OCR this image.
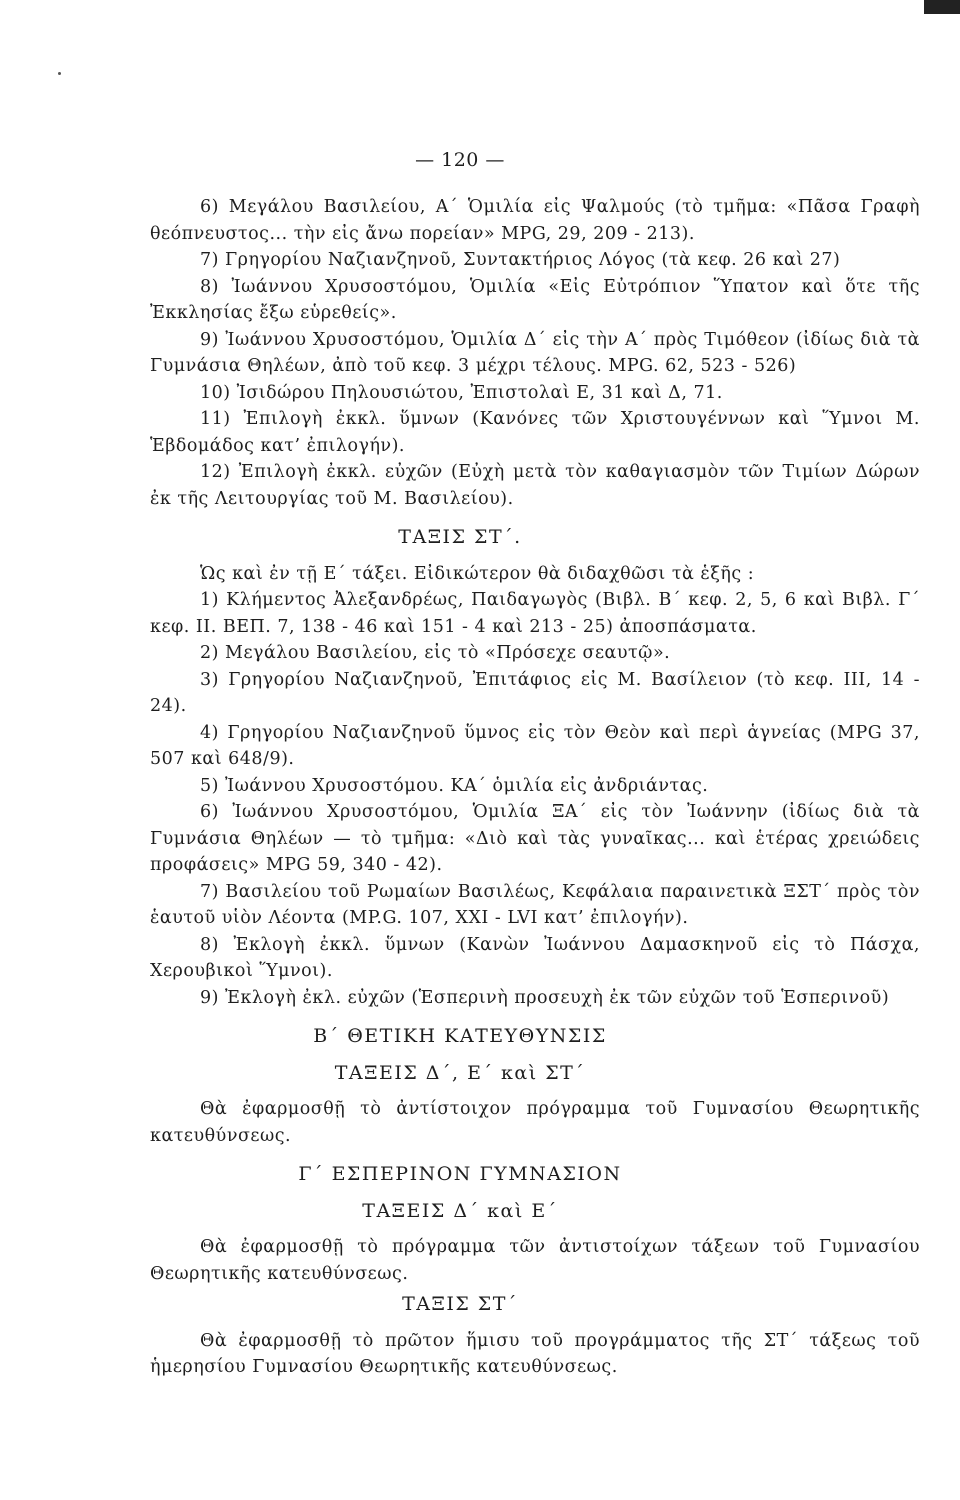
— 120 —

6) Μεγάλου Βασιλείου, Α΄ Ὁμιλία εἰς Ψαλμούς (τὸ τμῆμα: «Πᾶσα Γραφὴ θεόπνευστος... τὴν εἰς ἄνω πορείαν» MPG, 29, 209 - 213).

7) Γρηγορίου Ναζιανζηνοῦ, Συντακτήριος Λόγος (τὰ κεφ. 26 καὶ 27)

8) Ἰωάννου Χρυσοστόμου, Ὁμιλία «Εἰς Εὐτρόπιον Ὕπατον καὶ ὅτε τῆς Ἐκκλησίας ἔξω εὑρεθείς».

9) Ἰωάννου Χρυσοστόμου, Ὁμιλία Δ΄ εἰς τὴν Α΄ πρὸς Τιμόθεον (ἰδίως διὰ τὰ Γυμνάσια Θηλέων, ἀπὸ τοῦ κεφ. 3 μέχρι τέλους. MPG. 62, 523 - 526)

10) Ἰσιδώρου Πηλουσιώτου, Ἐπιστολαὶ Ε, 31 καὶ Δ, 71.

11) Ἐπιλογὴ ἐκκλ. ὕμνων (Κανόνες τῶν Χριστουγέννων καὶ Ὕμνοι Μ. Ἑβδομάδος κατ’ ἐπιλογήν).

12) Ἐπιλογὴ ἐκκλ. εὐχῶν (Εὐχὴ μετὰ τὸν καθαγιασμὸν τῶν Τιμίων Δώρων ἐκ τῆς Λειτουργίας τοῦ Μ. Βασιλείου).

ΤΑΞΙΣ ΣΤ΄.

Ὡς καὶ ἐν τῇ Ε΄ τάξει. Εἰδικώτερον θὰ διδαχθῶσι τὰ ἑξῆς :

1) Κλήμεντος Ἀλεξανδρέως, Παιδαγωγὸς (Βιβλ. Β΄ κεφ. 2, 5, 6 καὶ Βιβλ. Γ΄ κεφ. ΙΙ. ΒΕΠ. 7, 138 - 46 καὶ 151 - 4 καὶ 213 - 25) ἀποσπάσματα.

2) Μεγάλου Βασιλείου, εἰς τὸ «Πρόσεχε σεαυτῷ».

3) Γρηγορίου Ναζιανζηνοῦ, Ἐπιτάφιος εἰς Μ. Βασίλειον (τὸ κεφ. ΙΙΙ, 14 - 24).

4) Γρηγορίου Ναζιανζηνοῦ ὕμνος εἰς τὸν Θεὸν καὶ περὶ ἁγνείας (MPG 37, 507 καὶ 648/9).

5) Ἰωάννου Χρυσοστόμου. ΚΑ΄ ὁμιλία εἰς ἀνδριάντας.

6) Ἰωάννου Χρυσοστόμου, Ὁμιλία ΞΑ΄ εἰς τὸν Ἰωάννην (ἰδίως διὰ τὰ Γυμνάσια Θηλέων — τὸ τμῆμα: «Διὸ καὶ τὰς γυναῖκας... καὶ ἑτέρας χρειώδεις προφάσεις» MPG 59, 340 - 42).

7) Βασιλείου τοῦ Ρωμαίων Βασιλέως, Κεφάλαια παραινετικὰ ΞΣΤ΄ πρὸς τὸν ἑαυτοῦ υἱὸν Λέοντα (MP.G. 107, XXI - LVI κατ’ ἐπιλογήν).

8) Ἐκλογὴ ἐκκλ. ὕμνων (Κανὼν Ἰωάννου Δαμασκηνοῦ εἰς τὸ Πάσχα, Χερουβικοὶ Ὕμνοι).

9) Ἐκλογὴ ἐκλ. εὐχῶν (Ἑσπερινὴ προσευχὴ ἐκ τῶν εὐχῶν τοῦ Ἑσπερινοῦ)

Β΄ ΘΕΤΙΚΗ ΚΑΤΕΥΘΥΝΣΙΣ
ΤΑΞΕΙΣ Δ΄, Ε΄ καὶ ΣΤ΄

Θὰ ἐφαρμοσθῇ τὸ ἀντίστοιχον πρόγραμμα τοῦ Γυμνασίου Θεωρητικῆς κατευθύνσεως.

Γ΄ ΕΣΠΕΡΙΝΟΝ ΓΥΜΝΑΣΙΟΝ
ΤΑΞΕΙΣ Δ΄ καὶ Ε΄

Θὰ ἐφαρμοσθῇ τὸ πρόγραμμα τῶν ἀντιστοίχων τάξεων τοῦ Γυμνασίου Θεωρητικῆς κατευθύνσεως.

ΤΑΞΙΣ ΣΤ΄

Θὰ ἐφαρμοσθῇ τὸ πρῶτον ἥμισυ τοῦ προγράμματος τῆς ΣΤ΄ τάξεως τοῦ ἡμερησίου Γυμνασίου Θεωρητικῆς κατευθύνσεως.
